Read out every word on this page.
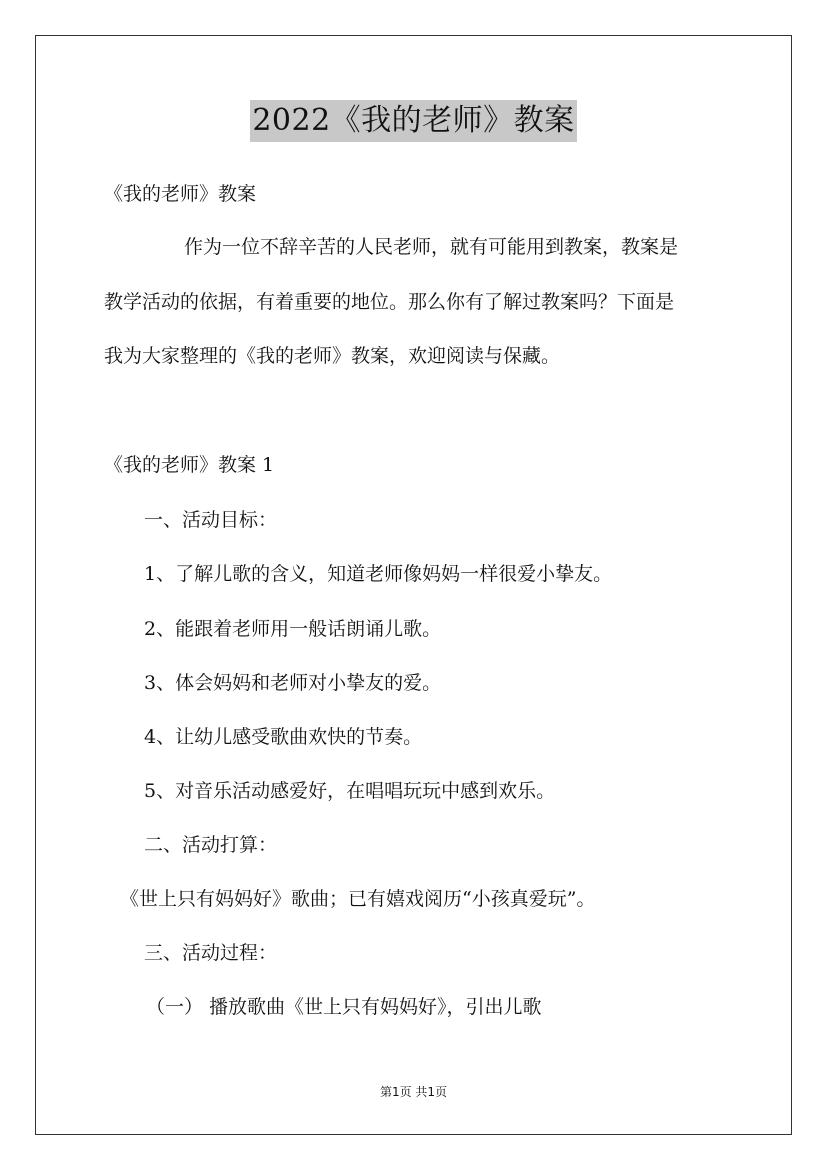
2022《我的老师》教案
《我的老师》教案
作为一位不辞辛苦的人民老师，就有可能用到教案，教案是
教学活动的依据，有着重要的地位。那么你有了解过教案吗？下面是
我为大家整理的《我的老师》教案，欢迎阅读与保藏。
《我的老师》教案 1
一、活动目标：
1、了解儿歌的含义，知道老师像妈妈一样很爱小挚友。
2、能跟着老师用一般话朗诵儿歌。
3、体会妈妈和老师对小挚友的爱。
4、让幼儿感受歌曲欢快的节奏。
5、对音乐活动感爱好，在唱唱玩玩中感到欢乐。
二、活动打算：
《世上只有妈妈好》歌曲；已有嬉戏阅历“小孩真爱玩”。
三、活动过程：
（一） 播放歌曲《世上只有妈妈好》，引出儿歌
第1页 共1页
